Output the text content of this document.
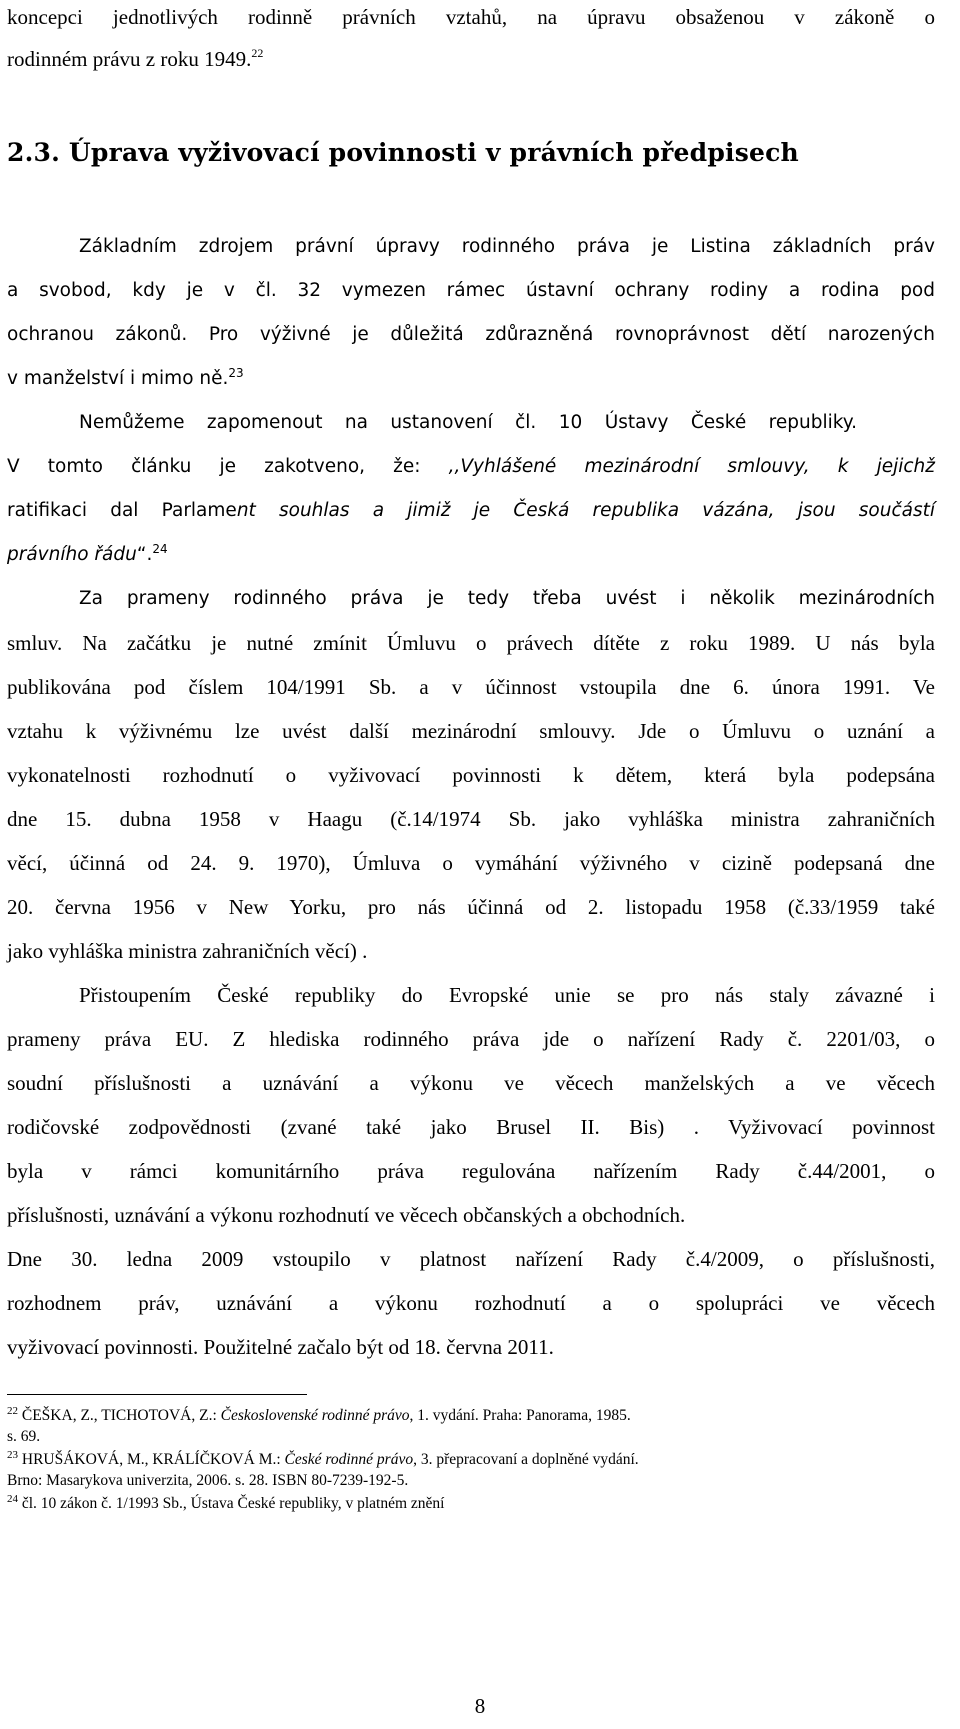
koncepci jednotlivých rodinně právních vztahů, na úpravu obsaženou v zákoně o
rodinném právu z roku 1949.22
2.3. Úprava vyživovací povinnosti v právních předpisech
Základním zdrojem právní úpravy rodinného práva je Listina základních práv
a svobod, kdy je v čl. 32 vymezen rámec ústavní ochrany rodiny a rodina pod
ochranou zákonů. Pro výživné je důležitá zdůrazněná rovnoprávnost dětí narozených
v manželství i mimo ně.$^{23}$
Nemůžeme zapomenout na ustanovení čl. 10 Ústavy České republiky.
V tomto článku je zakotveno, že: ,,Vyhlášené mezinárodní smlouvy, k jejichž
ratifikaci dal Parlament souhlas a jimiž je Česká republika vázána, jsou součástí
právního řádu“.$^{24}$
Za prameny rodinného práva je tedy třeba uvést i několik mezinárodních
smluv. Na začátku je nutné zmínit Úmluvu o právech dítěte z roku 1989. U nás byla
publikována pod číslem 104/1991 Sb. a v účinnost vstoupila dne 6. února 1991. Ve
vztahu k výživnému lze uvést další mezinárodní smlouvy. Jde o Úmluvu o uznání a
vykonatelnosti rozhodnutí o vyživovací povinnosti k dětem, která byla podepsána
dne 15. dubna 1958 v Haagu (č.14/1974 Sb. jako vyhláška ministra zahraničních
věcí, účinná od 24. 9. 1970), Úmluva o vymáhání výživného v cizině podepsaná dne
20. června 1956 v New Yorku, pro nás účinná od 2. listopadu 1958 (č.33/1959 také
jako vyhláška ministra zahraničních věcí) .
Přistoupením České republiky do Evropské unie se pro nás staly závazné i
prameny práva EU. Z hlediska rodinného práva jde o nařízení Rady č. 2201/03, o
soudní příslušnosti a uznávání a výkonu ve věcech manželských a ve věcech
rodičovské zodpovědnosti (zvané také jako Brusel II. Bis) . Vyživovací povinnost
byla v rámci komunitárního práva regulována nařízením Rady č.44/2001, o
příslušnosti, uznávání a výkonu rozhodnutí ve věcech občanských a obchodních.
Dne 30. ledna 2009 vstoupilo v platnost nařízení Rady č.4/2009, o příslušnosti,
rozhodnem práv, uznávání a výkonu rozhodnutí a o spolupráci ve věcech
vyživovací povinnosti. Použitelné začalo být od 18. června 2011.
$^{22}$ ČEŠKA, Z., TICHOTOVÁ, Z.: Československé rodinné právo, 1. vydání. Praha: Panorama, 1985.
s. 69.
$^{23}$ HRUŠÁKOVÁ, M., KRÁLÍČKOVÁ M.: České rodinné právo, 3. přepracovaní a doplněné vydání.
Brno: Masarykova univerzita, 2006. s. 28. ISBN 80-7239-192-5.
$^{24}$ čl. 10 zákon č. 1/1993 Sb., Ústava České republiky, v platném znění
8
